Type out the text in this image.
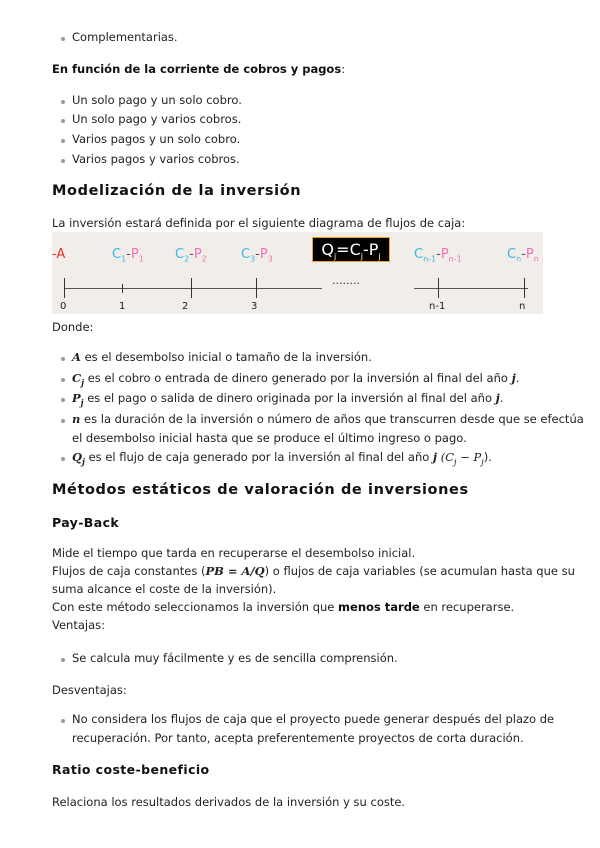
Complementarias.
En función de la corriente de cobros y pagos:
Un solo pago y un solo cobro.
Un solo pago y varios cobros.
Varios pagos y un solo cobro.
Varios pagos y varios cobros.
Modelización de la inversión
La inversión estará definida por el siguiente diagrama de flujos de caja:
-A	$C_1-P_1$ $C_2-P_2$	$C_3-P_3$
$Q_j=C_j-P_j$	$C_{n-1}-P_{n-1}$	$C_n-P_n$
........
0	1	2	3	n-1	n
Donde:
A es el desembolso inicial o tamaño de la inversión.
$C_j$ es el cobro o entrada de dinero generado por la inversión al final del año j.
$P_j$ es el pago o salida de dinero originada por la inversión al final del año j.
n es la duración de la inversión o número de años que transcurren desde que se efectúa
el desembolso inicial hasta que se produce el último ingreso o pago.
$Q_j$ es el flujo de caja generado por la inversión al final del año j $(C_j - P_j)$.
Métodos estáticos de valoración de inversiones
Pay-Back
Mide el tiempo que tarda en recuperarse el desembolso inicial.
Flujos de caja constantes (PB = A/Q) o flujos de caja variables (se acumulan hasta que su
suma alcance el coste de la inversión).
Con este método seleccionamos la inversión que menos tarde en recuperarse.
Ventajas:
Se calcula muy fácilmente y es de sencilla comprensión.
Desventajas:
No considera los flujos de caja que el proyecto puede generar después del plazo de
recuperación. Por tanto, acepta preferentemente proyectos de corta duración.
Ratio coste-beneficio
Relaciona los resultados derivados de la inversión y su coste.
